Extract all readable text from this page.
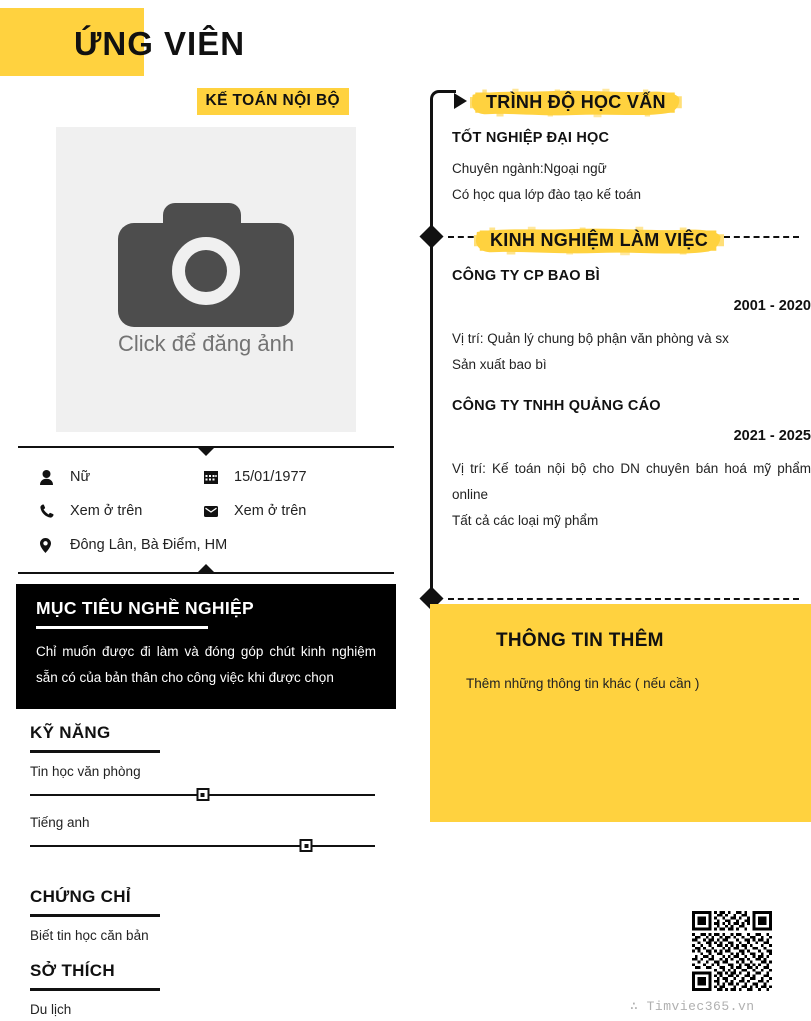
ỨNG VIÊN
KẾ TOÁN NỘI BỘ
Click để đăng ảnh
Nữ	15/01/1977
Xem ở trên	Xem ở trên
Đông Lân, Bà Điểm, HM
MỤC TIÊU NGHỀ NGHIỆP
Chỉ muốn được đi làm và đóng góp chút kinh nghiệm sẵn có của bản thân cho công việc khi được chọn
KỸ NĂNG
Tin học văn phòng
Tiếng anh
CHỨNG CHỈ
Biết tin học căn bản
SỞ THÍCH
Du lịch
TRÌNH ĐỘ HỌC VẤN
TỐT NGHIỆP ĐẠI HỌC
Chuyên ngành:Ngoại ngữ
Có học qua lớp đào tạo kế toán
KINH NGHIỆM LÀM VIỆC
CÔNG TY CP BAO BÌ
2001 - 2020
Vị trí: Quản lý chung bộ phận văn phòng và sx
Sản xuất bao bì
CÔNG TY TNHH QUẢNG CÁO
2021 - 2025
Vị trí: Kế toán nội bộ cho DN chuyên bán hoá mỹ phẩm online
Tất cả các loại mỹ phẩm
THÔNG TIN THÊM
Thêm những thông tin khác ( nếu cần )
∴ Timviec365.vn
